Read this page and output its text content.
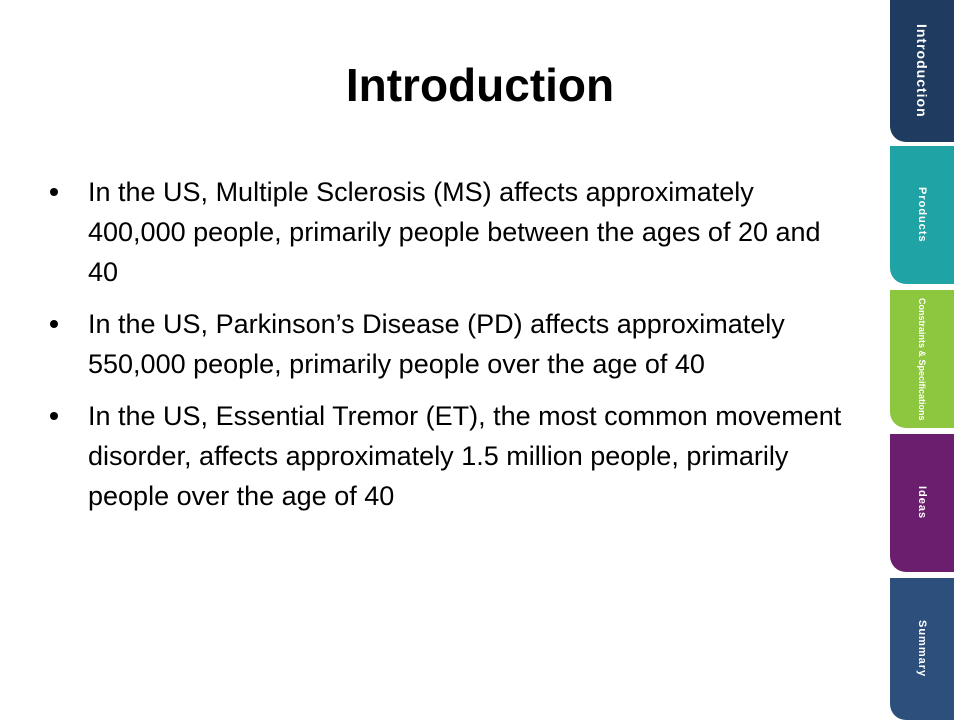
Introduction
In the US, Multiple Sclerosis (MS) affects approximately 400,000 people, primarily people between the ages of 20 and 40
In the US, Parkinson’s Disease (PD) affects approximately 550,000 people, primarily people over the age of 40
In the US, Essential Tremor (ET), the most common movement disorder, affects approximately 1.5 million people, primarily people over the age of 40
Introduction
Products
Constraints & Specifications
Ideas
Summary
